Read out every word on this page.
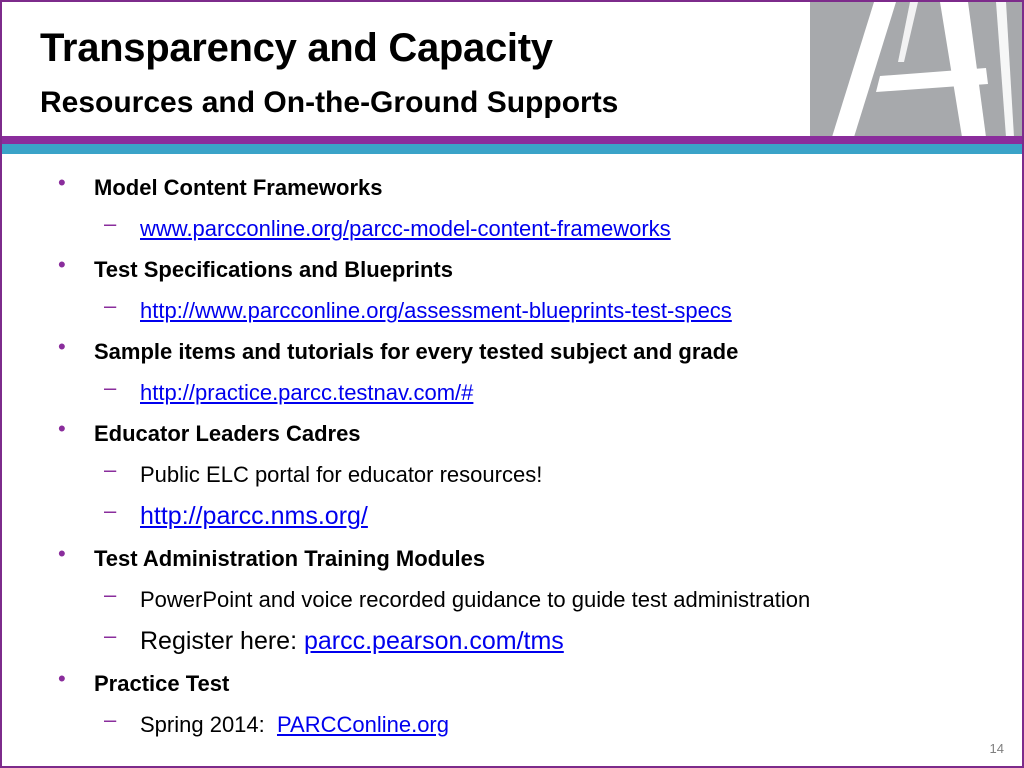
Transparency and Capacity
Resources and On-the-Ground Supports
• Model Content Frameworks
– www.parcconline.org/parcc-model-content-frameworks
• Test Specifications and Blueprints
– http://www.parcconline.org/assessment-blueprints-test-specs
• Sample items and tutorials for every tested subject and grade
– http://practice.parcc.testnav.com/#
• Educator Leaders Cadres
– Public ELC portal for educator resources!
– http://parcc.nms.org/
• Test Administration Training Modules
– PowerPoint and voice recorded guidance to guide test administration
– Register here: parcc.pearson.com/tms
• Practice Test
– Spring 2014:  PARCConline.org
14
